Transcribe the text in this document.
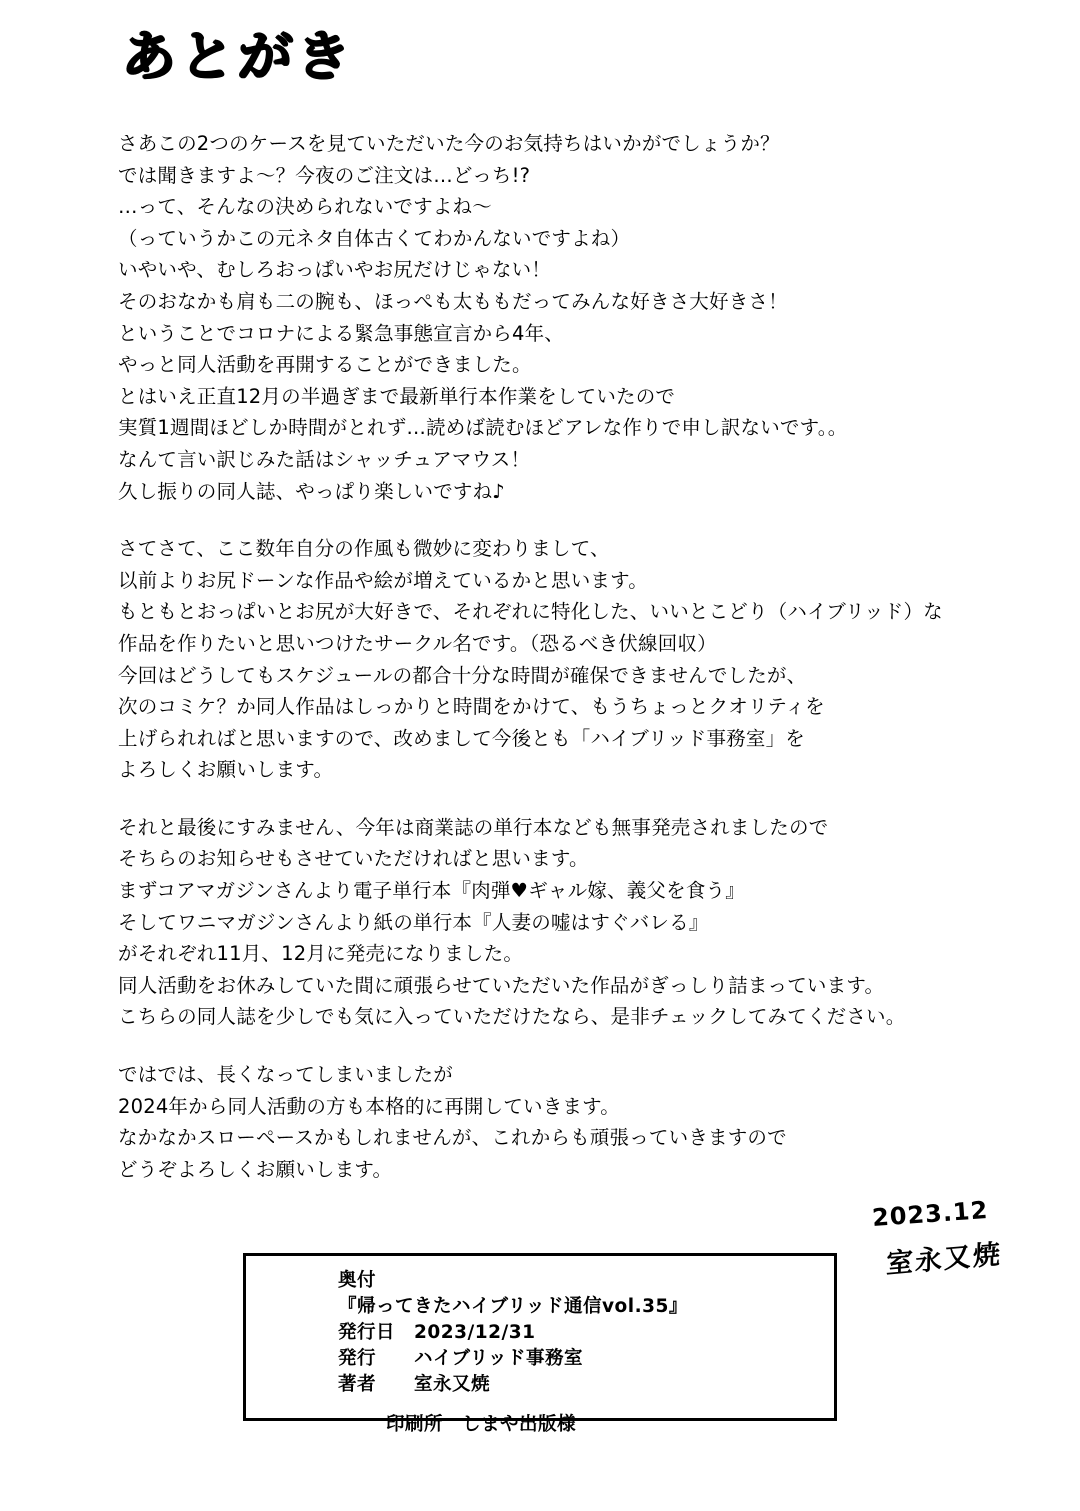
あとがき
さあこの2つのケースを見ていただいた今のお気持ちはいかがでしょうか？
では聞きますよ～？今夜のご注文は…どっち!?
…って、そんなの決められないですよね～
（っていうかこの元ネタ自体古くてわかんないですよね）
いやいや、むしろおっぱいやお尻だけじゃない！
そのおなかも肩も二の腕も、ほっぺも太ももだってみんな好きさ大好きさ！
ということでコロナによる緊急事態宣言から4年、
やっと同人活動を再開することができました。
とはいえ正直12月の半過ぎまで最新単行本作業をしていたので
実質1週間ほどしか時間がとれず…読めば読むほどアレな作りで申し訳ないです。。
なんて言い訳じみた話はシャッチュアマウス！
久し振りの同人誌、やっぱり楽しいですね♪
さてさて、ここ数年自分の作風も微妙に変わりまして、
以前よりお尻ドーンな作品や絵が増えているかと思います。
もともとおっぱいとお尻が大好きで、それぞれに特化した、いいとこどり（ハイブリッド）な
作品を作りたいと思いつけたサークル名です。（恐るべき伏線回収）
今回はどうしてもスケジュールの都合十分な時間が確保できませんでしたが、
次のコミケ？か同人作品はしっかりと時間をかけて、もうちょっとクオリティを
上げられればと思いますので、改めまして今後とも「ハイブリッド事務室」を
よろしくお願いします。
それと最後にすみません、今年は商業誌の単行本なども無事発売されましたので
そちらのお知らせもさせていただければと思います。
まずコアマガジンさんより電子単行本『肉弾♥ギャル嫁、義父を食う』
そしてワニマガジンさんより紙の単行本『人妻の嘘はすぐバレる』
がそれぞれ11月、12月に発売になりました。
同人活動をお休みしていた間に頑張らせていただいた作品がぎっしり詰まっています。
こちらの同人誌を少しでも気に入っていただけたなら、是非チェックしてみてください。
ではでは、長くなってしまいましたが
2024年から同人活動の方も本格的に再開していきます。
なかなかスローペースかもしれませんが、これからも頑張っていきますので
どうぞよろしくお願いします。
2023.12
室永又焼
奥付
『帰ってきたハイブリッド通信vol.35』
発行日　2023/12/31
発行　　ハイブリッド事務室
著者　　室永又焼
印刷所　しまや出版様
